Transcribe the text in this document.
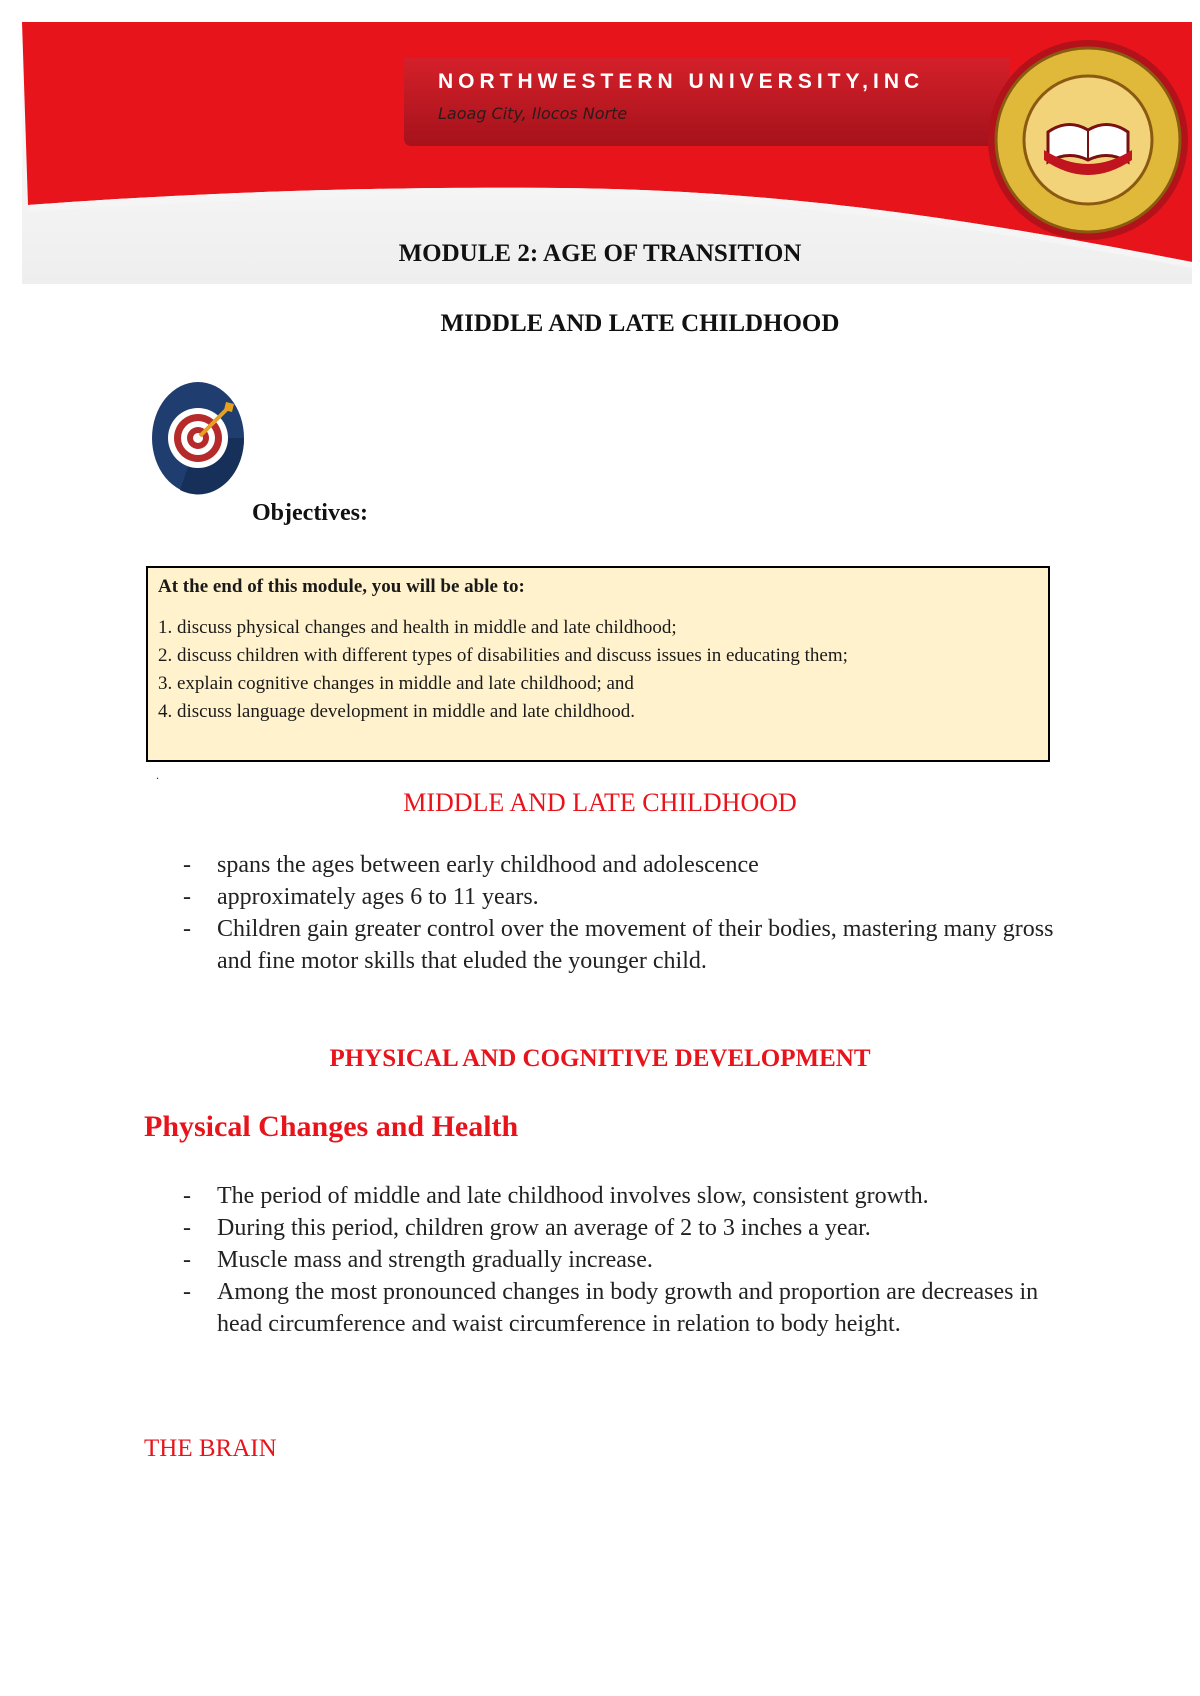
NORTHWESTERN UNIVERSITY,INC
Laoag City, Ilocos Norte
MODULE 2: AGE OF TRANSITION
MIDDLE AND LATE CHILDHOOD
Objectives:
At the end of this module, you will be able to:
1. discuss physical changes and health in middle and late childhood;
2. discuss children with different types of disabilities and discuss issues in educating them;
3. explain cognitive changes in middle and late childhood; and
4. discuss language development in middle and late childhood.
.
MIDDLE AND LATE CHILDHOOD
- spans the ages between early childhood and adolescence
- approximately ages 6 to 11 years.
- Children gain greater control over the movement of their bodies, mastering many gross and fine motor skills that eluded the younger child.
PHYSICAL AND COGNITIVE DEVELOPMENT
Physical Changes and Health
- The period of middle and late childhood involves slow, consistent growth.
- During this period, children grow an average of 2 to 3 inches a year.
- Muscle mass and strength gradually increase.
- Among the most pronounced changes in body growth and proportion are decreases in head circumference and waist circumference in relation to body height.
THE BRAIN
